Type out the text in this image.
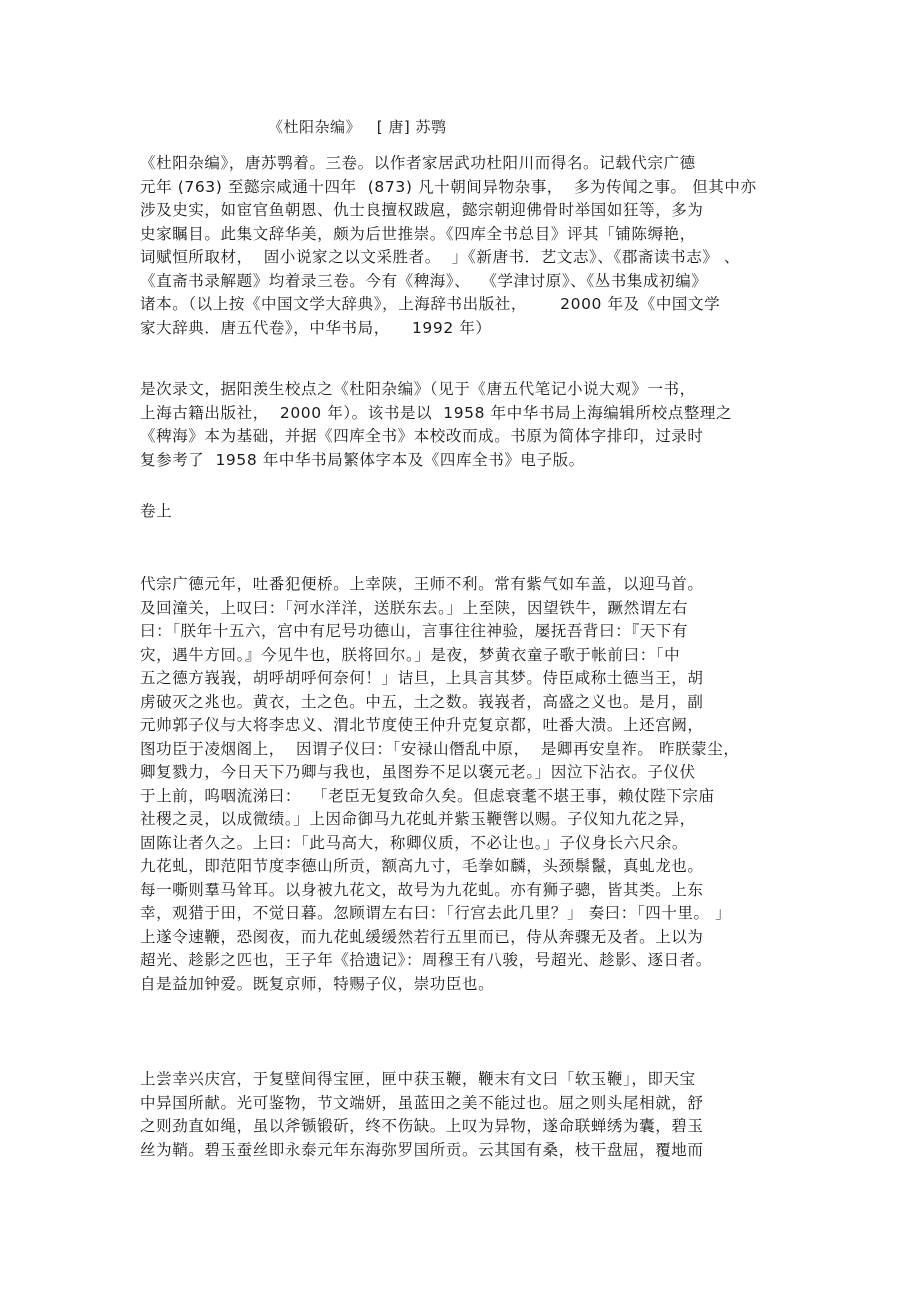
《杜阳杂编》   [ 唐] 苏鹗
《杜阳杂编》，唐苏鹗着。三卷。以作者家居武功杜阳川而得名。记载代宗广德
元年 (763) 至懿宗咸通十四年  (873) 凡十朝间异物杂事，  多为传闻之事。 但其中亦
涉及史实，如宦官鱼朝恩、仇士良擅权跋扈，懿宗朝迎佛骨时举国如狂等，多为
史家瞩目。此集文辞华美，颇为后世推崇。《四库全书总目》评其「铺陈缛艳，
词赋恒所取材，  固小说家之以文采胜者。  」《新唐书．艺文志》、《郡斋读书志》 、
《直斋书录解题》均着录三卷。今有《稗海》、  《学津讨原》、《丛书集成初编》
诸本。（以上按《中国文学大辞典》，上海辞书出版社，      2000 年及《中国文学
家大辞典．唐五代卷》，中华书局，    1992 年）
是次录文，据阳羡生校点之《杜阳杂编》（见于《唐五代笔记小说大观》一书，
上海古籍出版社，  2000 年）。该书是以  1958 年中华书局上海编辑所校点整理之
《稗海》本为基础，并据《四库全书》本校改而成。书原为简体字排印，过录时
复参考了  1958 年中华书局繁体字本及《四库全书》电子版。
卷上
代宗广德元年，吐番犯便桥。上幸陕，王师不利。常有紫气如车盖，以迎马首。
及回潼关，上叹曰：「河水洋洋，送朕东去。」上至陕，因望铁牛，蹶然谓左右
曰：「朕年十五六，宫中有尼号功德山，言事往往神验，屡抚吾背曰：『天下有
灾，遇牛方回。』今见牛也，朕将回尔。」是夜，梦黄衣童子歌于帐前曰：「中
五之德方峩峩，胡呼胡呼何奈何！」诘旦，上具言其梦。侍臣咸称土德当王，胡
虏破灭之兆也。黄衣，土之色。中五，土之数。峩峩者，高盛之义也。是月，副
元帅郭子仪与大将李忠义、渭北节度使王仲升克复京都，吐番大溃。上还宫阙，
图功臣于凌烟阁上，  因谓子仪曰：「安禄山僭乱中原，  是卿再安皇祚。 昨朕蒙尘，
卿复戮力，今日天下乃卿与我也，虽图券不足以褒元老。」因泣下沾衣。子仪伏
于上前，呜咽流涕曰：  「老臣无复致命久矣。但虑衰耄不堪王事，赖仗陛下宗庙
社稷之灵，以成微绩。」上因命御马九花虬并紫玉鞭辔以赐。子仪知九花之异，
固陈让者久之。上曰：「此马高大，称卿仪质，不必让也。」子仪身长六尺余。
九花虬，即范阳节度李德山所贡，额高九寸，毛拳如麟，头颈鬃鬣，真虬龙也。
每一嘶则羣马耸耳。以身被九花文，故号为九花虬。亦有狮子骢，皆其类。上东
幸，观猎于田，不觉日暮。忽顾谓左右曰：「行宫去此几里？」 奏曰：「四十里。 」
上遂令速鞭，恐阂夜，而九花虬缓缓然若行五里而已，侍从奔骤无及者。上以为
超光、趁影之匹也，王子年《拾遗记》：周穆王有八骏，号超光、趁影、逐日者。
自是益加钟爱。既复京师，特赐子仪，崇功臣也。
上尝幸兴庆宫，于复壁间得宝匣，匣中获玉鞭，鞭末有文曰「软玉鞭」，即天宝
中异国所献。光可鉴物，节文端妍，虽蓝田之美不能过也。屈之则头尾相就，舒
之则劲直如绳，虽以斧锧锻斫，终不伤缺。上叹为异物，遂命联蝉绣为囊，碧玉
丝为鞘。碧玉蚕丝即永泰元年东海弥罗国所贡。云其国有桑，枝干盘屈，覆地而
